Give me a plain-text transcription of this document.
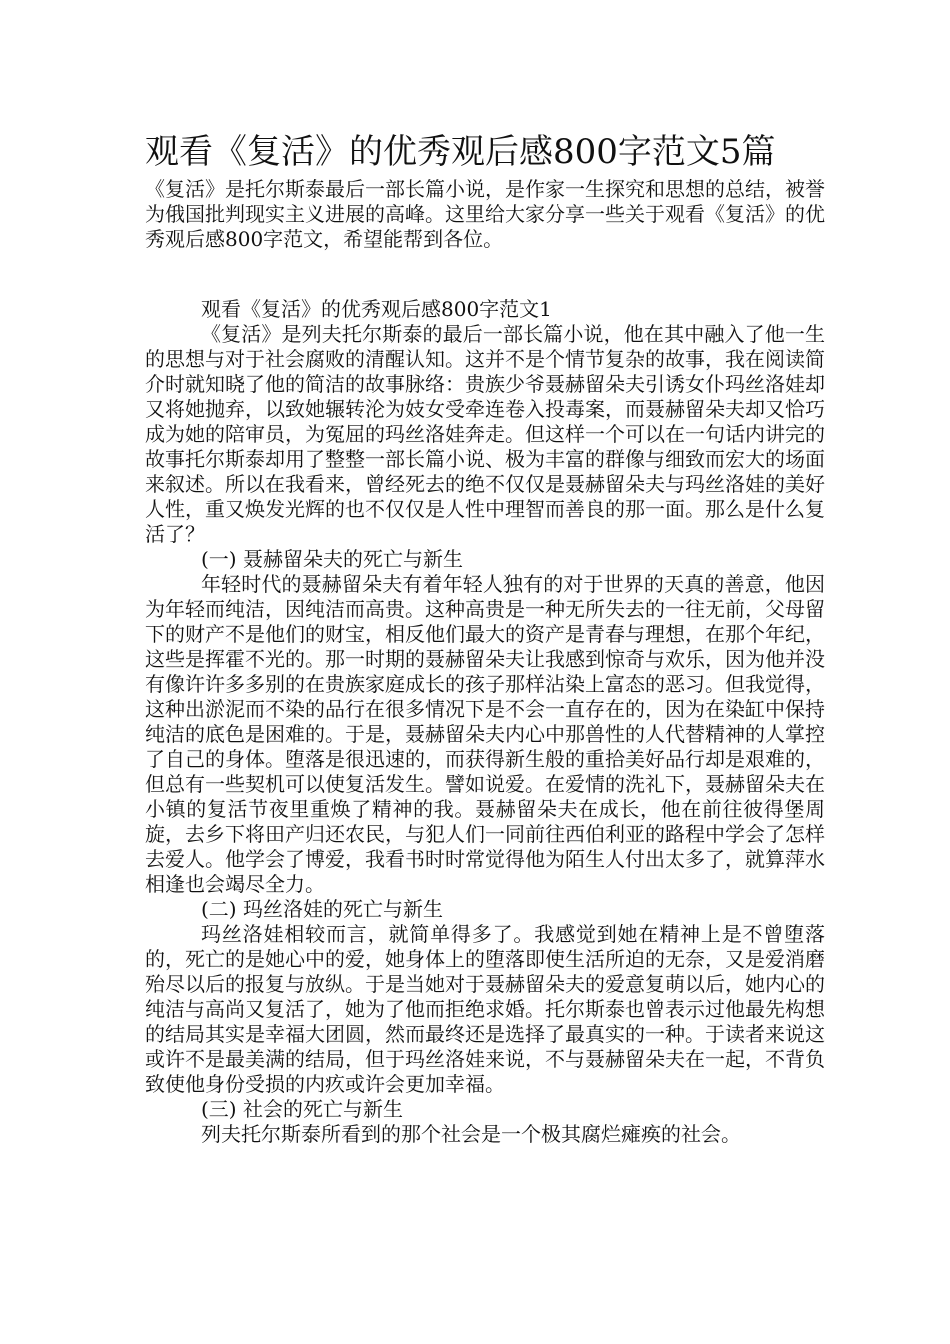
观看《复活》的优秀观后感800字范文5篇

《复活》是托尔斯泰最后一部长篇小说，是作家一生探究和思想的总结，被誉为俄国批判现实主义进展的高峰。这里给大家分享一些关于观看《复活》的优秀观后感800字范文，希望能帮到各位。

观看《复活》的优秀观后感800字范文1

《复活》是列夫托尔斯泰的最后一部长篇小说，他在其中融入了他一生的思想与对于社会腐败的清醒认知。这并不是个情节复杂的故事，我在阅读简介时就知晓了他的简洁的故事脉络：贵族少爷聂赫留朵夫引诱女仆玛丝洛娃却又将她抛弃，以致她辗转沦为妓女受牵连卷入投毒案，而聂赫留朵夫却又恰巧成为她的陪审员，为冤屈的玛丝洛娃奔走。但这样一个可以在一句话内讲完的故事托尔斯泰却用了整整一部长篇小说、极为丰富的群像与细致而宏大的场面来叙述。所以在我看来，曾经死去的绝不仅仅是聂赫留朵夫与玛丝洛娃的美好人性，重又焕发光辉的也不仅仅是人性中理智而善良的那一面。那么是什么复活了？

(一) 聂赫留朵夫的死亡与新生

年轻时代的聂赫留朵夫有着年轻人独有的对于世界的天真的善意，他因为年轻而纯洁，因纯洁而高贵。这种高贵是一种无所失去的一往无前，父母留下的财产不是他们的财宝，相反他们最大的资产是青春与理想，在那个年纪，这些是挥霍不光的。那一时期的聂赫留朵夫让我感到惊奇与欢乐，因为他并没有像许许多多别的在贵族家庭成长的孩子那样沾染上富态的恶习。但我觉得，这种出淤泥而不染的品行在很多情况下是不会一直存在的，因为在染缸中保持纯洁的底色是困难的。于是，聂赫留朵夫内心中那兽性的人代替精神的人掌控了自己的身体。堕落是很迅速的，而获得新生般的重拾美好品行却是艰难的，但总有一些契机可以使复活发生。譬如说爱。在爱情的洗礼下，聂赫留朵夫在小镇的复活节夜里重焕了精神的我。聂赫留朵夫在成长，他在前往彼得堡周旋，去乡下将田产归还农民，与犯人们一同前往西伯利亚的路程中学会了怎样去爱人。他学会了博爱，我看书时时常觉得他为陌生人付出太多了，就算萍水相逢也会竭尽全力。

(二) 玛丝洛娃的死亡与新生

玛丝洛娃相较而言，就简单得多了。我感觉到她在精神上是不曾堕落的，死亡的是她心中的爱，她身体上的堕落即使生活所迫的无奈，又是爱消磨殆尽以后的报复与放纵。于是当她对于聂赫留朵夫的爱意复萌以后，她内心的纯洁与高尚又复活了，她为了他而拒绝求婚。托尔斯泰也曾表示过他最先构想的结局其实是幸福大团圆，然而最终还是选择了最真实的一种。于读者来说这或许不是最美满的结局，但于玛丝洛娃来说，不与聂赫留朵夫在一起，不背负致使他身份受损的内疚或许会更加幸福。

(三) 社会的死亡与新生

列夫托尔斯泰所看到的那个社会是一个极其腐烂瘫痪的社会。
